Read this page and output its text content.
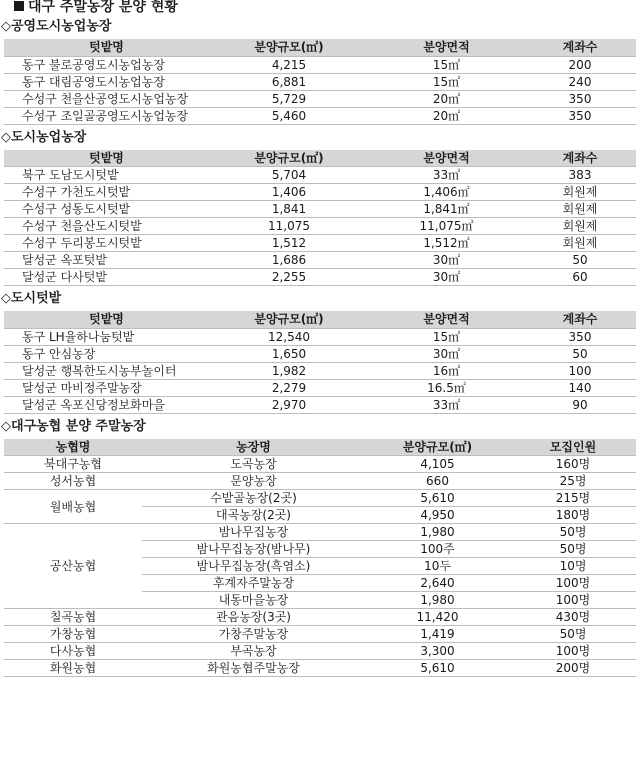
대구 주말농장 분양 현황
◇공영도시농업농장
텃밭명	분양규모(㎡)	분양면적	계좌수
동구 불로공영도시농업농장	4,215	15㎡	200
동구 대림공영도시농업농장	6,881	15㎡	240
수성구 천을산공영도시농업농장	5,729	20㎡	350
수성구 조일골공영도시농업농장	5,460	20㎡	350
◇도시농업농장
텃밭명	분양규모(㎡)	분양면적	계좌수
북구 도남도시텃밭	5,704	33㎡	383
수성구 가천도시텃밭	1,406	1,406㎡	회원제
수성구 성동도시텃밭	1,841	1,841㎡	회원제
수성구 천을산도시텃밭	11,075	11,075㎡	회원제
수성구 두리봉도시텃밭	1,512	1,512㎡	회원제
달성군 옥포텃밭	1,686	30㎡	50
달성군 다사텃밭	2,255	30㎡	60
◇도시텃밭
텃밭명	분양규모(㎡)	분양면적	계좌수
동구 LH율하나눔텃밭	12,540	15㎡	350
동구 안심농장	1,650	30㎡	50
달성군 행복한도시농부놀이터	1,982	16㎡	100
달성군 마비정주말농장	2,279	16.5㎡	140
달성군 옥포신당정보화마을	2,970	33㎡	90
◇대구농협 분양 주말농장
농협명	농장명	분양규모(㎡)	모집인원
북대구농협	도곡농장	4,105	160명
성서농협	문양농장	660	25명
월배농협	수밭골농장(2곳)	5,610	215명
	대곡농장(2곳)	4,950	180명
공산농협	밤나무집농장	1,980	50명
	밤나무집농장(밤나무)	100주	50명
	밤나무집농장(흑염소)	10두	10명
	후계자주말농장	2,640	100명
	내동마을농장	1,980	100명
칠곡농협	관음농장(3곳)	11,420	430명
가창농협	가창주말농장	1,419	50명
다사농협	부곡농장	3,300	100명
화원농협	화원농협주말농장	5,610	200명
